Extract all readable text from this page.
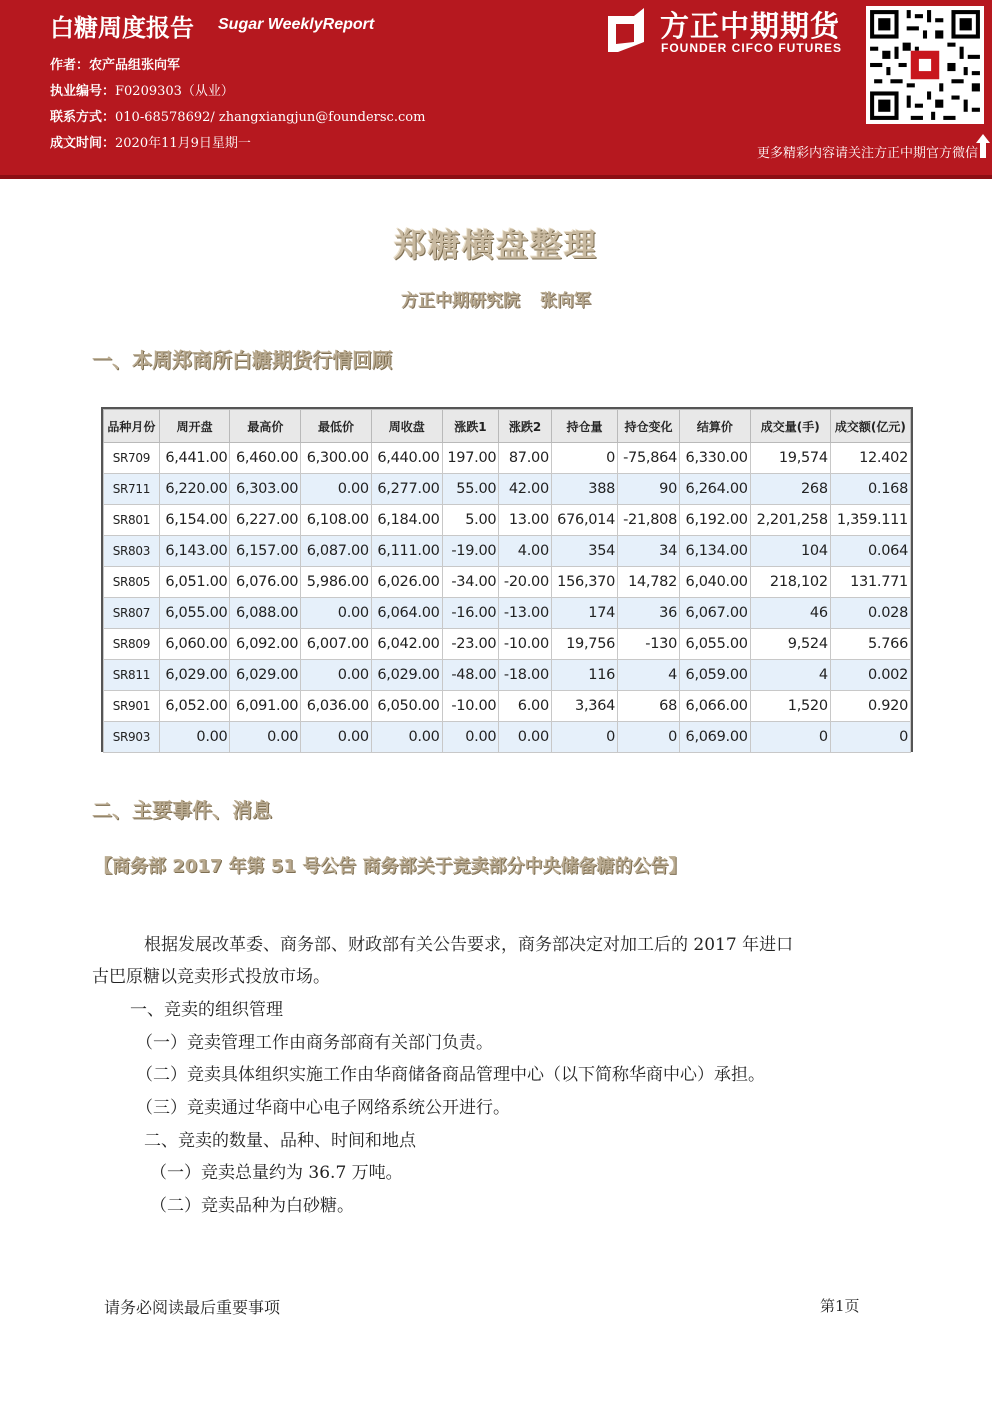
白糖周度报告 Sugar WeeklyReport
作者：农产品组张向军
执业编号：F0209303（从业）
联系方式：010-68578692/ zhangxiangjun@foundersc.com
成文时间：2020年11月9日星期一
方正中期期货
FOUNDER CIFCO FUTURES
更多精彩内容请关注方正中期官方微信
郑糖横盘整理
方正中期研究院 张向军
一、本周郑商所白糖期货行情回顾
品种月份	周开盘	最高价	最低价	周收盘	涨跌1	涨跌2	持仓量	持仓变化	结算价	成交量(手)	成交额(亿元)
SR709	6,441.00	6,460.00	6,300.00	6,440.00	197.00	87.00	0	-75,864	6,330.00	19,574	12.402
SR711	6,220.00	6,303.00	0.00	6,277.00	55.00	42.00	388	90	6,264.00	268	0.168
SR801	6,154.00	6,227.00	6,108.00	6,184.00	5.00	13.00	676,014	-21,808	6,192.00	2,201,258	1,359.111
SR803	6,143.00	6,157.00	6,087.00	6,111.00	-19.00	4.00	354	34	6,134.00	104	0.064
SR805	6,051.00	6,076.00	5,986.00	6,026.00	-34.00	-20.00	156,370	14,782	6,040.00	218,102	131.771
SR807	6,055.00	6,088.00	0.00	6,064.00	-16.00	-13.00	174	36	6,067.00	46	0.028
SR809	6,060.00	6,092.00	6,007.00	6,042.00	-23.00	-10.00	19,756	-130	6,055.00	9,524	5.766
SR811	6,029.00	6,029.00	0.00	6,029.00	-48.00	-18.00	116	4	6,059.00	4	0.002
SR901	6,052.00	6,091.00	6,036.00	6,050.00	-10.00	6.00	3,364	68	6,066.00	1,520	0.920
SR903	0.00	0.00	0.00	0.00	0.00	0.00	0	0	6,069.00	0	0
二、主要事件、消息
【商务部 2017 年第 51 号公告 商务部关于竞卖部分中央储备糖的公告】
根据发展改革委、商务部、财政部有关公告要求，商务部决定对加工后的 2017 年进口
古巴原糖以竞卖形式投放市场。
一、竞卖的组织管理
（一）竞卖管理工作由商务部商有关部门负责。
（二）竞卖具体组织实施工作由华商储备商品管理中心（以下简称华商中心）承担。
（三）竞卖通过华商中心电子网络系统公开进行。
二、竞卖的数量、品种、时间和地点
（一）竞卖总量约为 36.7 万吨。
（二）竞卖品种为白砂糖。
请务必阅读最后重要事项	第1页
